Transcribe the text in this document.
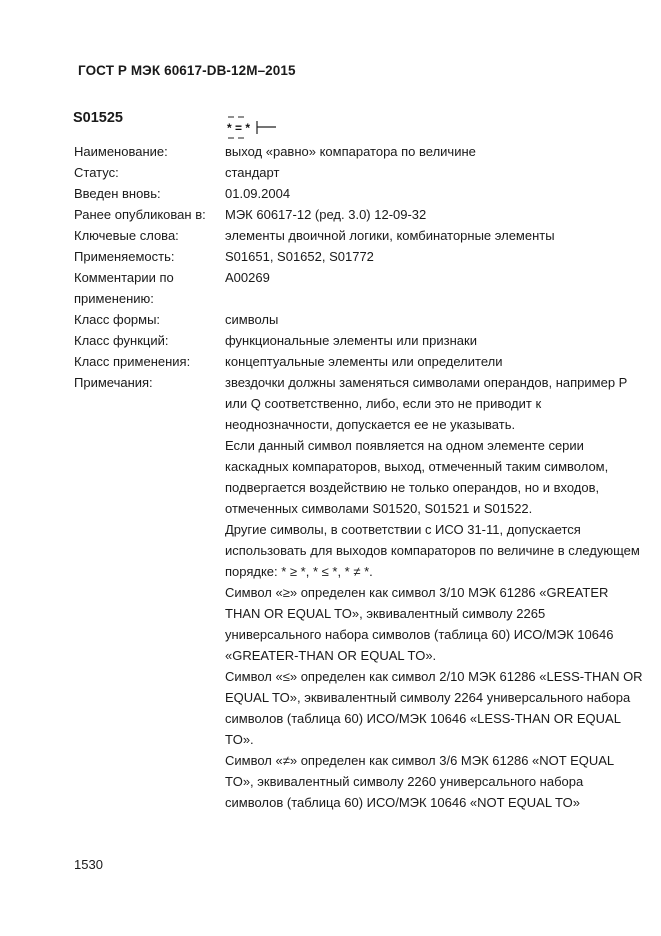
ГОСТ Р МЭК 60617-DB-12M–2015
S01525
* = *
Наименование:	выход «равно» компаратора по величине

Статус:	стандарт

Введен вновь:	01.09.2004

Ранее опубликован в:	МЭК 60617-12 (ред. 3.0) 12-09-32

Ключевые слова:	элементы двоичной логики, комбинаторные элементы

Применяемость:	S01651, S01652, S01772

Комментарии по применению:

A00269

Класс формы:	символы

Класс функций:	функциональные элементы или признаки

Класс применения:	концептуальные элементы или определители

Примечания:	звездочки должны заменяться символами операндов, например P или Q соответственно, либо, если это не приводит к неоднозначности, допускается ее не указывать.

Если данный символ появляется на одном элементе серии каскадных компараторов, выход, отмеченный таким символом, подвергается воздействию не только операндов, но и входов, отмеченных символами S01520, S01521 и S01522.

Другие символы, в соответствии с ИСО 31-11, допускается использовать для выходов компараторов по величине в следующем порядке: * ≥ *, * ≤ *, * ≠ *.

Символ «≥» определен как символ 3/10 МЭК 61286 «GREATER THAN OR EQUAL TO», эквивалентный символу 2265 универсального набора символов (таблица 60) ИСО/МЭК 10646 «GREATER-THAN OR EQUAL TO».

Символ «≤» определен как символ 2/10 МЭК 61286 «LESS-THAN OR EQUAL TO», эквивалентный символу 2264 универсального набора символов (таблица 60) ИСО/МЭК 10646 «LESS-THAN OR EQUAL TO».

Символ «≠» определен как символ 3/6 МЭК 61286 «NOT EQUAL TO», эквивалентный символу 2260 универсального набора символов (таблица 60) ИСО/МЭК 10646 «NOT EQUAL TO»

1530
